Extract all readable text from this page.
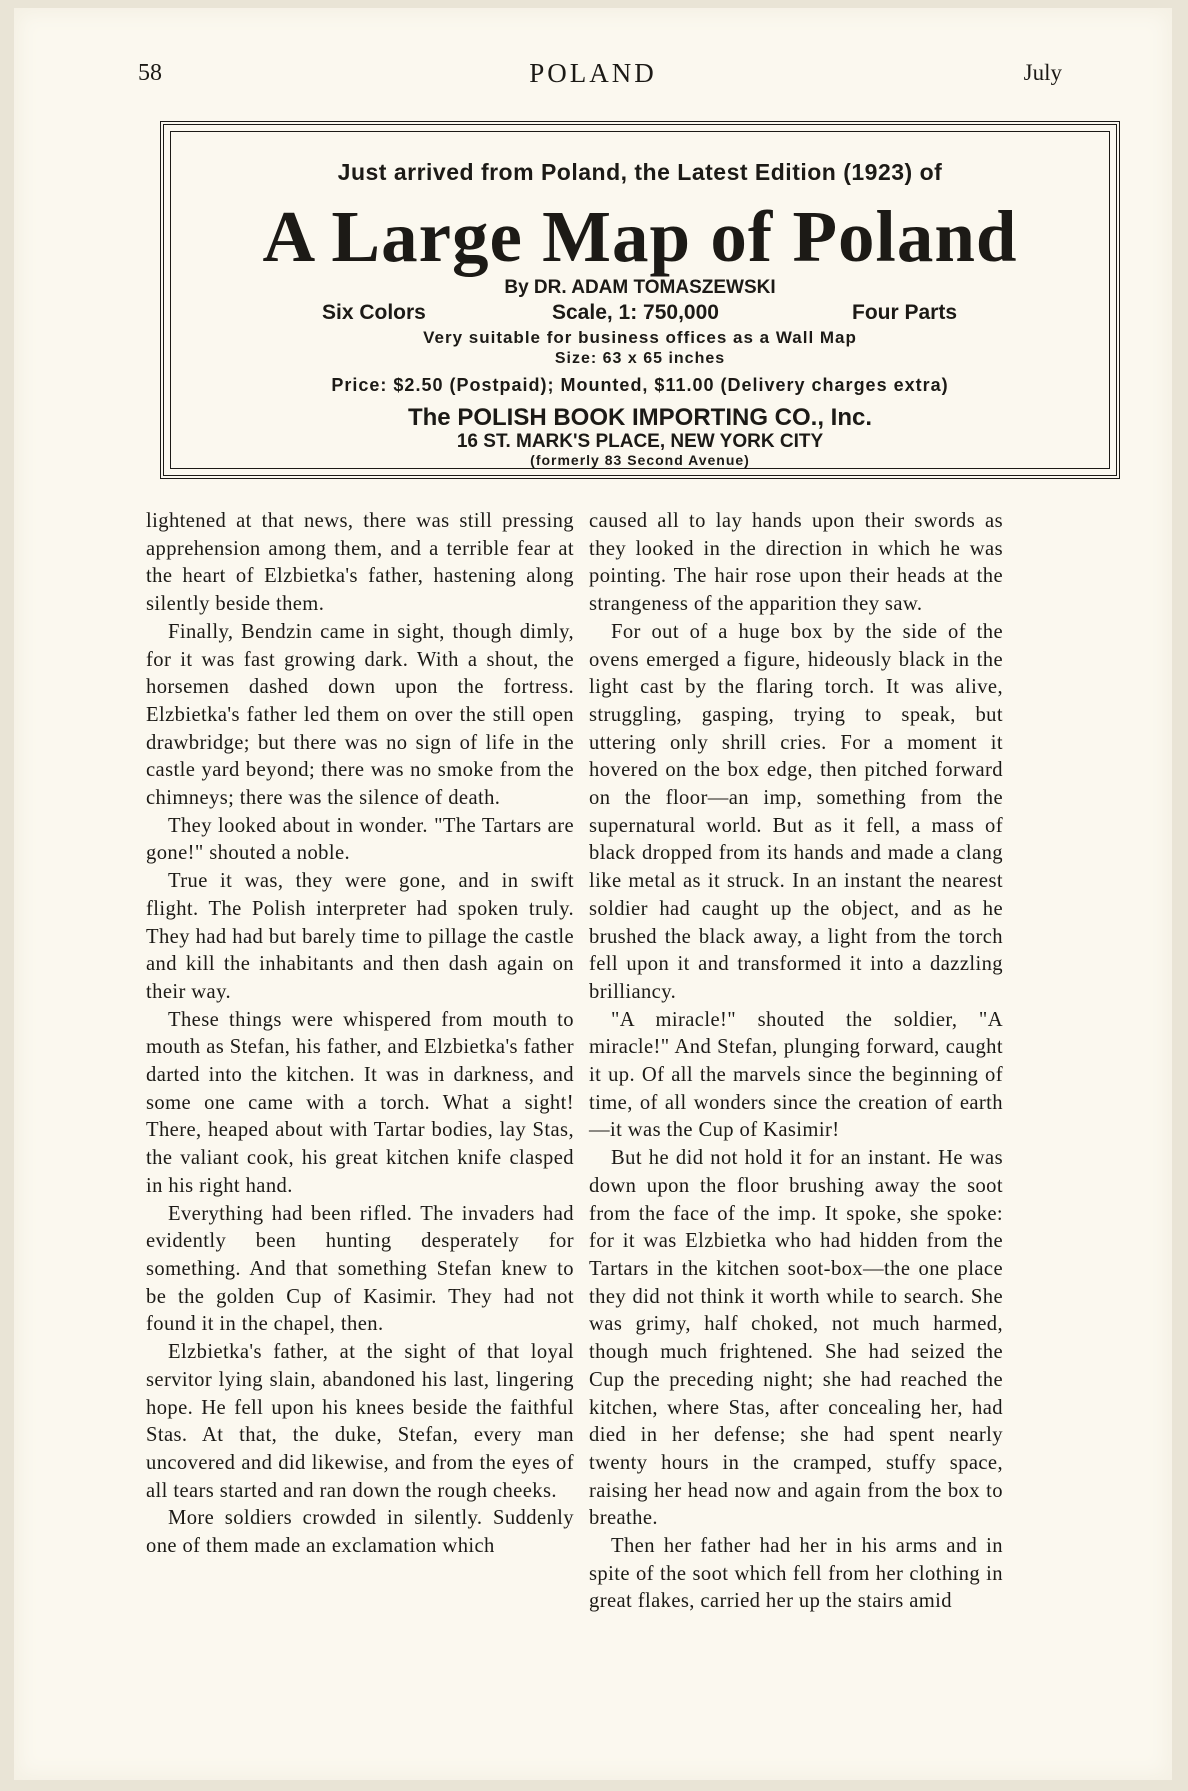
58	POLAND	July
Just arrived from Poland, the Latest Edition (1923) of
A Large Map of Poland
By DR. ADAM TOMASZEWSKI
Six Colors	Scale, 1: 750,000	Four Parts
Very suitable for business offices as a Wall Map
Size: 63 x 65 inches
Price: $2.50 (Postpaid); Mounted, $11.00 (Delivery charges extra)
The POLISH BOOK IMPORTING CO., Inc.
16 ST. MARK'S PLACE, NEW YORK CITY
(formerly 83 Second Avenue)

lightened at that news, there was still pressing apprehension among them, and a terrible fear at the heart of Elzbietka's father, hastening along silently beside them.

Finally, Bendzin came in sight, though dimly, for it was fast growing dark. With a shout, the horsemen dashed down upon the fortress. Elzbietka's father led them on over the still open drawbridge; but there was no sign of life in the castle yard beyond; there was no smoke from the chimneys; there was the silence of death.

They looked about in wonder. "The Tartars are gone!" shouted a noble.

True it was, they were gone, and in swift flight. The Polish interpreter had spoken truly. They had had but barely time to pillage the castle and kill the inhabitants and then dash again on their way.

These things were whispered from mouth to mouth as Stefan, his father, and Elzbietka's father darted into the kitchen. It was in darkness, and some one came with a torch. What a sight! There, heaped about with Tartar bodies, lay Stas, the valiant cook, his great kitchen knife clasped in his right hand.

Everything had been rifled. The invaders had evidently been hunting desperately for something. And that something Stefan knew to be the golden Cup of Kasimir. They had not found it in the chapel, then.

Elzbietka's father, at the sight of that loyal servitor lying slain, abandoned his last, lingering hope. He fell upon his knees beside the faithful Stas. At that, the duke, Stefan, every man uncovered and did likewise, and from the eyes of all tears started and ran down the rough cheeks.

More soldiers crowded in silently. Suddenly one of them made an exclamation which

caused all to lay hands upon their swords as they looked in the direction in which he was pointing. The hair rose upon their heads at the strangeness of the apparition they saw.

For out of a huge box by the side of the ovens emerged a figure, hideously black in the light cast by the flaring torch. It was alive, struggling, gasping, trying to speak, but uttering only shrill cries. For a moment it hovered on the box edge, then pitched forward on the floor—an imp, something from the supernatural world. But as it fell, a mass of black dropped from its hands and made a clang like metal as it struck. In an instant the nearest soldier had caught up the object, and as he brushed the black away, a light from the torch fell upon it and transformed it into a dazzling brilliancy.

"A miracle!" shouted the soldier, "A miracle!" And Stefan, plunging forward, caught it up. Of all the marvels since the beginning of time, of all wonders since the creation of earth—it was the Cup of Kasimir!

But he did not hold it for an instant. He was down upon the floor brushing away the soot from the face of the imp. It spoke, she spoke: for it was Elzbietka who had hidden from the Tartars in the kitchen soot-box—the one place they did not think it worth while to search. She was grimy, half choked, not much harmed, though much frightened. She had seized the Cup the preceding night; she had reached the kitchen, where Stas, after concealing her, had died in her defense; she had spent nearly twenty hours in the cramped, stuffy space, raising her head now and again from the box to breathe.

Then her father had her in his arms and in spite of the soot which fell from her clothing in great flakes, carried her up the stairs amid
